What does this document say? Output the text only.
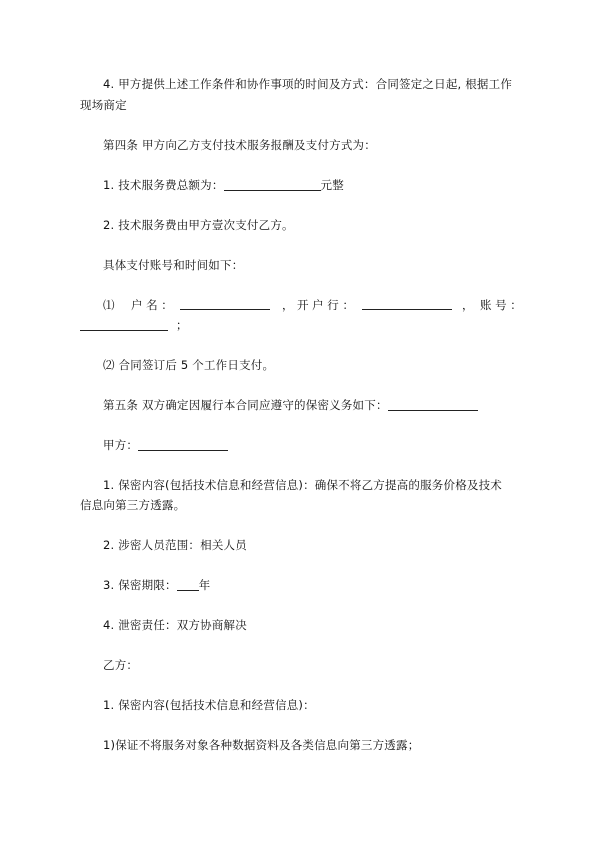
4. 甲方提供上述工作条件和协作事项的时间及方式：合同签定之日起, 根据工作
现场商定
第四条 甲方向乙方支付技术服务报酬及支付方式为：
1. 技术服务费总额为：	元整
2. 技术服务费由甲方壹次支付乙方。
具体支付账号和时间如下：
⑴ 户 名 ：	， 开 户 行 ：	， 账 号 ：
；
⑵ 合同签订后 5 个工作日支付。
第五条 双方确定因履行本合同应遵守的保密义务如下：
甲方：
1. 保密内容(包括技术信息和经营信息)：确保不将乙方提高的服务价格及技术
信息向第三方透露。
2. 涉密人员范围：相关人员
3. 保密期限： 年
4. 泄密责任：双方协商解决
乙方：
1. 保密内容(包括技术信息和经营信息)：
1)保证不将服务对象各种数据资料及各类信息向第三方透露；
